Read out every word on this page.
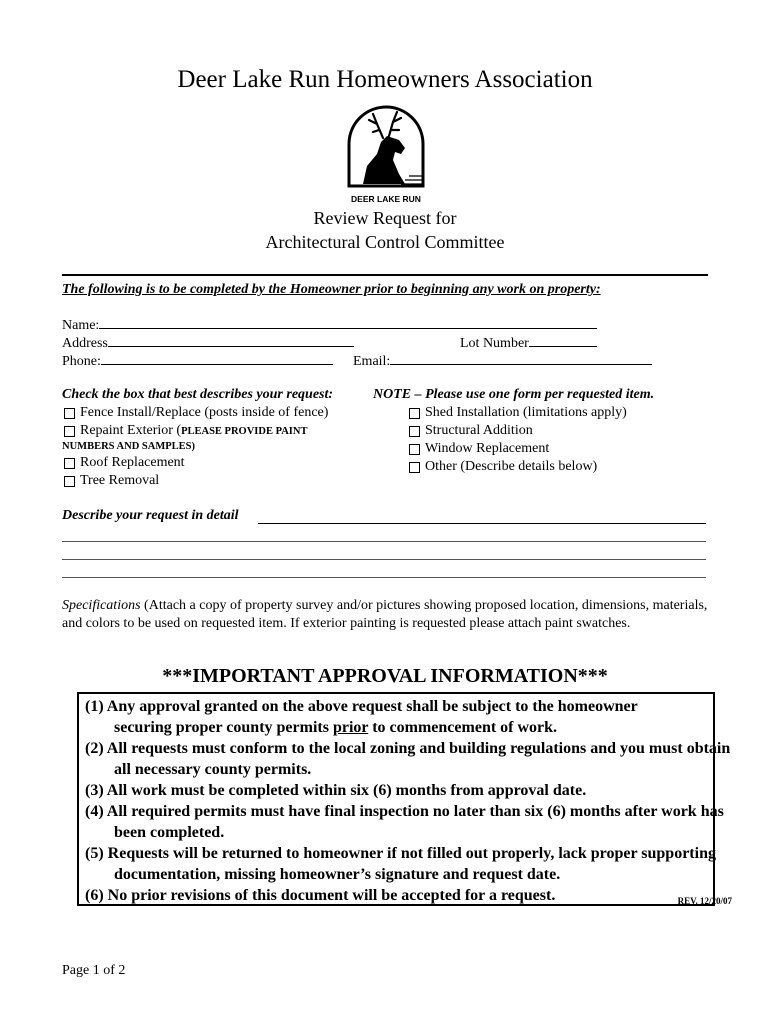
Deer Lake Run Homeowners Association
DEER LAKE RUN
Review Request for
Architectural Control Committee
The following is to be completed by the Homeowner prior to beginning any work on property:
Name:
Address	Lot Number
Phone:	Email:
Check the box that best describes your request:	NOTE – Please use one form per requested item.
Fence Install/Replace (posts inside of fence)
Repaint Exterior ( PLEASE PROVIDE PAINT
NUMBERS AND SAMPLES)
Roof Replacement
Tree Removal
Shed Installation (limitations apply)
Structural Addition
Window Replacement
Other (Describe details below)
Describe your request in detail
Specifications (Attach a copy of property survey and/or pictures showing proposed location, dimensions, materials, and colors to be used on requested item. If exterior painting is requested please attach paint swatches.
***IMPORTANT APPROVAL INFORMATION***
(1) Any approval granted on the above request shall be subject to the homeowner
securing proper county permits prior to commencement of work.
(2) All requests must conform to the local zoning and building regulations and you must obtain all necessary county permits.
(3) All work must be completed within six (6) months from approval date.
(4) All required permits must have final inspection no later than six (6) months after work has been completed.
(5) Requests will be returned to homeowner if not filled out properly, lack proper supporting documentation, missing homeowner’s signature and request date.
(6) No prior revisions of this document will be accepted for a request.	REV. 12/20/07
Page 1 of 2
